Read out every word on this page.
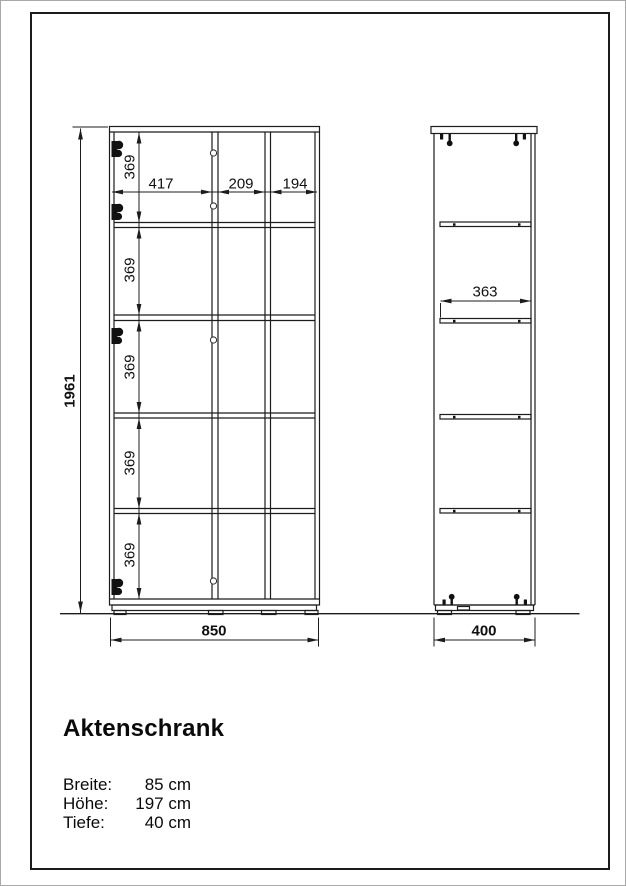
1961
850	400
363
417	209 194
369
369
369
369
369
Aktenschrank
Breite: 85 cm
Höhe: 197 cm
Tiefe: 40 cm
